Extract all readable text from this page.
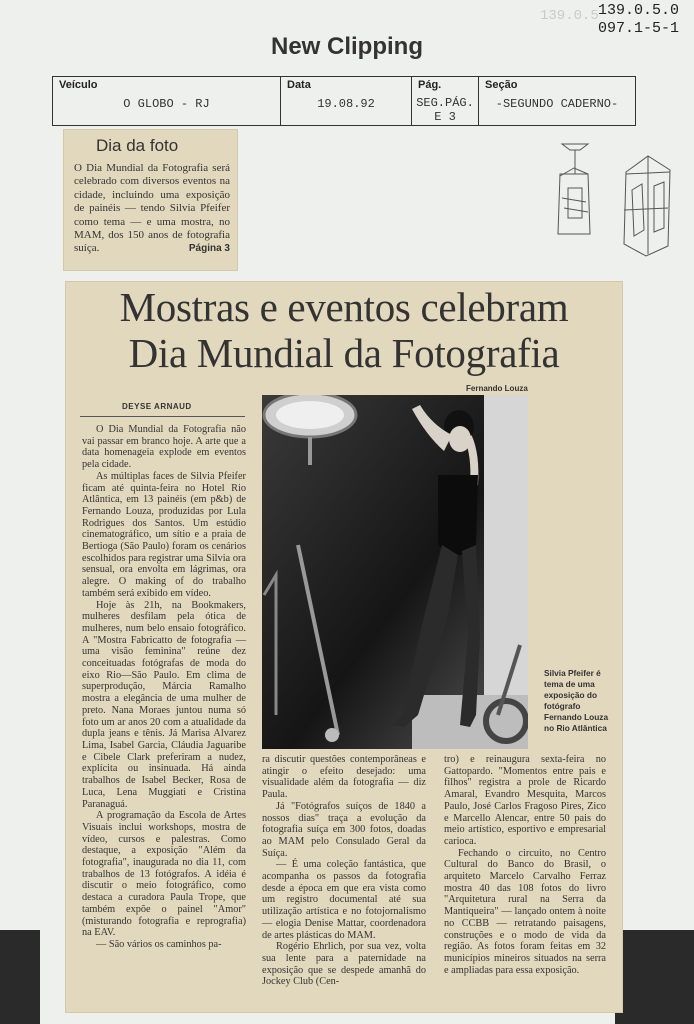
139.0.5 139.0.5.0
097.1-5-1
New Clipping
Veículo
O GLOBO - RJ
Data
19.08.92
Pág.
SEG.PÁG.
E 3
Seção
-SEGUNDO CADERNO-
Dia da foto
O Dia Mundial da Fotografia será celebrado com diversos eventos na cidade, incluindo uma exposição de painéis — tendo Silvia Pfeifer como tema — e uma mostra, no MAM, dos 150 anos de fotografia suíça.	Página 3
Mostras e eventos celebram
Dia Mundial da Fotografia
Fernando Louza
DEYSE ARNAUD

O Dia Mundial da Fotografia não vai passar em branco hoje. A arte que a data homenageia explode em eventos pela cidade.

As múltiplas faces de Silvia Pfeifer ficam até quinta-feira no Hotel Rio Atlântica, em 13 painéis (em p&b) de Fernando Louza, produzidas por Lula Rodrigues dos Santos. Um estúdio cinematográfico, um sítio e a praia de Bertioga (São Paulo) foram os cenários escolhidos para registrar uma Silvia ora sensual, ora envolta em lágrimas, ora alegre. O making of do trabalho também será exibido em vídeo.

Hoje às 21h, na Bookmakers, mulheres desfilam pela ótica de mulheres, num belo ensaio fotográfico. A "Mostra Fabricatto de fotografia — uma visão feminina" reúne dez conceituadas fotógrafas de moda do eixo Rio—São Paulo. Em clima de superprodução, Márcia Ramalho mostra a elegância de uma mulher de preto. Nana Moraes juntou numa só foto um ar anos 20 com a atualidade da dupla jeans e tênis. Já Marisa Alvarez Lima, Isabel Garcia, Cláudia Jaguaribe e Cibele Clark preferiram a nudez, explícita ou insinuada. Há ainda trabalhos de Isabel Becker, Rosa de Luca, Lena Muggiati e Cristina Paranaguá.

A programação da Escola de Artes Visuais inclui workshops, mostra de vídeo, cursos e palestras. Como destaque, a exposição "Além da fotografia", inaugurada no dia 11, com trabalhos de 13 fotógrafos. A idéia é discutir o meio fotográfico, como destaca a curadora Paula Trope, que também expõe o painel "Amor" (misturando fotografia e reprografia) na EAV.

— São vários os caminhos pa-

Silvia Pfeifer é tema de uma exposição do fotógrafo Fernando Louza no Rio Atlântica

ra discutir questões contemporâneas e atingir o efeito desejado: uma visualidade além da fotografia — diz Paula.

Já "Fotógrafos suíços de 1840 a nossos dias" traça a evolução da fotografia suíça em 300 fotos, doadas ao MAM pelo Consulado Geral da Suíça.

— É uma coleção fantástica, que acompanha os passos da fotografia desde a época em que era vista como um registro documental até sua utilização artística e no fotojornalismo — elogia Denise Mattar, coordenadora de artes plásticas do MAM.

Rogério Ehrlich, por sua vez, volta sua lente para a paternidade na exposição que se despede amanhã do Jockey Club (Cen-

tro) e reinaugura sexta-feira no Gattopardo. "Momentos entre pais e filhos" registra a prole de Ricardo Amaral, Evandro Mesquita, Marcos Paulo, José Carlos Fragoso Pires, Zico e Marcello Alencar, entre 50 pais do meio artístico, esportivo e empresarial carioca.

Fechando o circuito, no Centro Cultural do Banco do Brasil, o arquiteto Marcelo Carvalho Ferraz mostra 40 das 108 fotos do livro "Arquitetura rural na Serra da Mantiqueira" — lançado ontem à noite no CCBB — retratando paisagens, construções e o modo de vida da região. As fotos foram feitas em 32 municípios mineiros situados na serra e ampliadas para essa exposição.
